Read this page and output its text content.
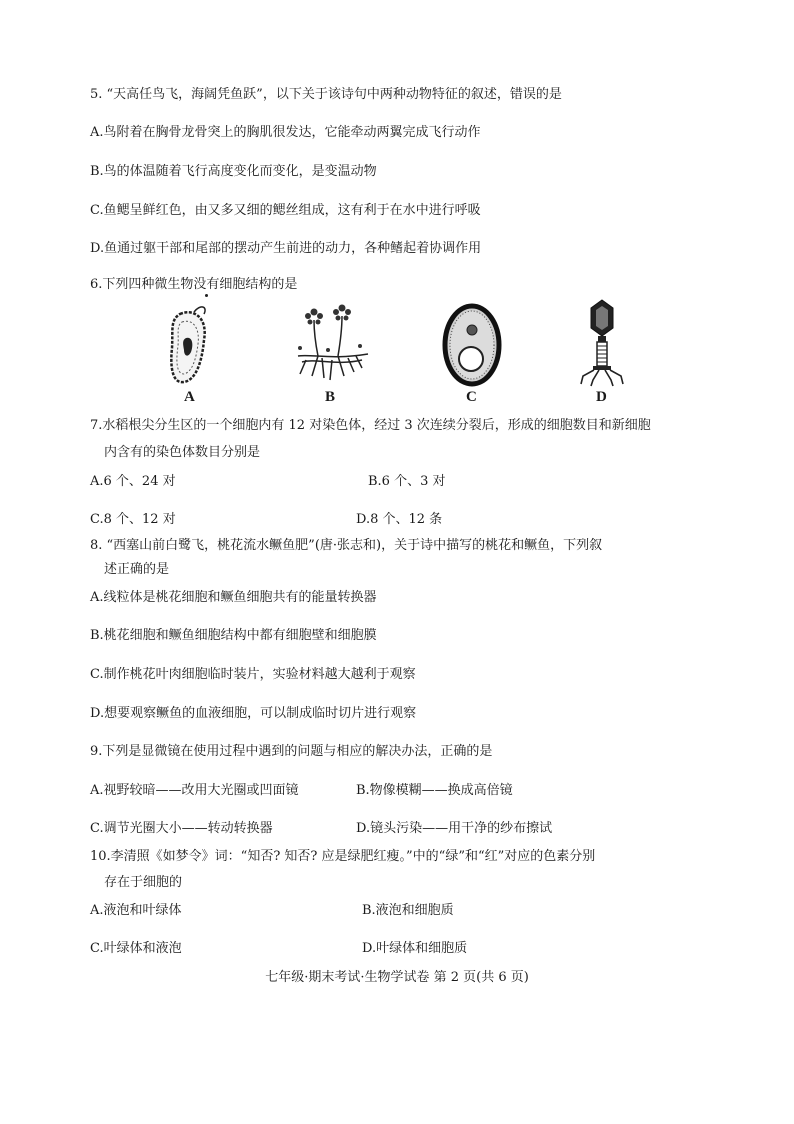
5. “天高任鸟飞，海阔凭鱼跃”，以下关于该诗句中两种动物特征的叙述，错误的是
A.鸟附着在胸骨龙骨突上的胸肌很发达，它能牵动两翼完成飞行动作
B.鸟的体温随着飞行高度变化而变化，是变温动物
C.鱼鳃呈鲜红色，由又多又细的鳃丝组成，这有利于在水中进行呼吸
D.鱼通过躯干部和尾部的摆动产生前进的动力，各种鳍起着协调作用
6.下列四种微生物没有细胞结构的是
A	B	C	D
7.水稻根尖分生区的一个细胞内有 12 对染色体，经过 3 次连续分裂后，形成的细胞数目和新细胞
内含有的染色体数目分别是
A.6 个、24 对	B.6 个、3 对
C.8 个、12 对	D.8 个、12 条
8. “西塞山前白鹭飞，桃花流水鳜鱼肥”(唐·张志和)，关于诗中描写的桃花和鳜鱼，下列叙
述正确的是
A.线粒体是桃花细胞和鳜鱼细胞共有的能量转换器
B.桃花细胞和鳜鱼细胞结构中都有细胞壁和细胞膜
C.制作桃花叶肉细胞临时装片，实验材料越大越利于观察
D.想要观察鳜鱼的血液细胞，可以制成临时切片进行观察
9.下列是显微镜在使用过程中遇到的问题与相应的解决办法，正确的是
A.视野较暗——改用大光圈或凹面镜	B.物像模糊——换成高倍镜
C.调节光圈大小——转动转换器	D.镜头污染——用干净的纱布擦试
10.李清照《如梦令》词：“知否? 知否? 应是绿肥红瘦。”中的“绿”和“红”对应的色素分别
存在于细胞的
A.液泡和叶绿体	B.液泡和细胞质
C.叶绿体和液泡	D.叶绿体和细胞质
七年级·期末考试·生物学试卷 第 2 页(共 6 页)
